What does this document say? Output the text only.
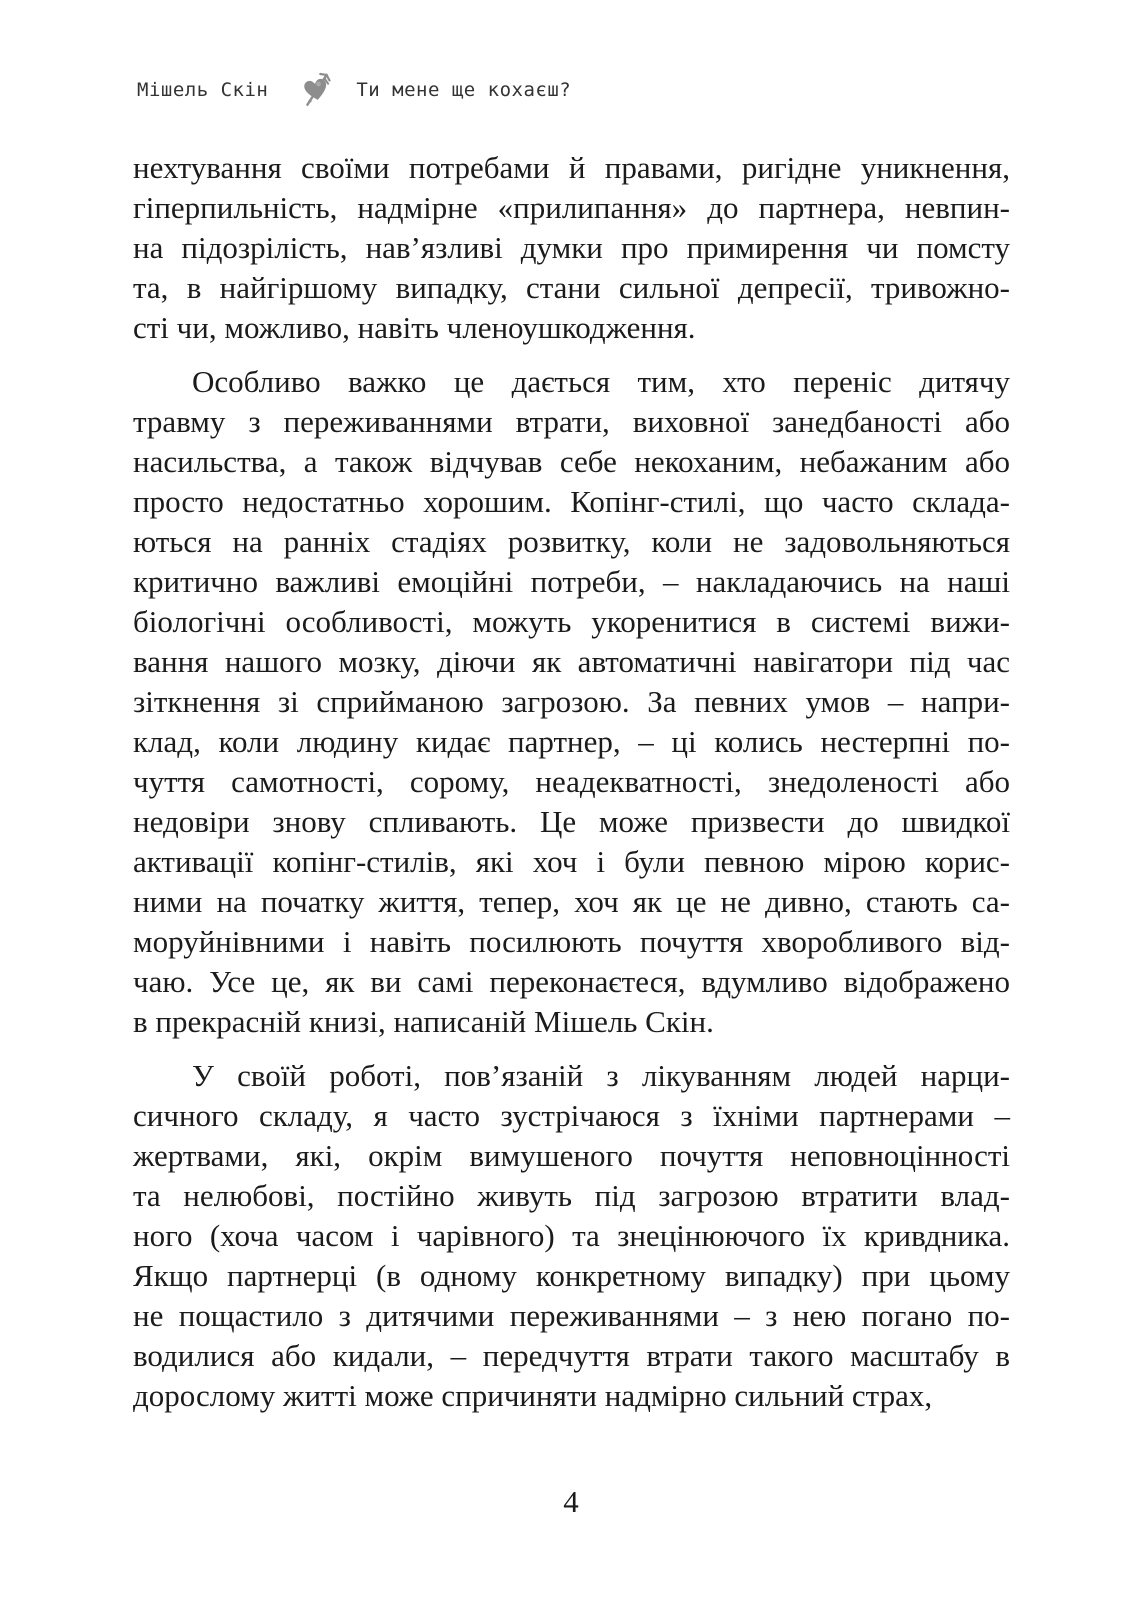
Мішель Скін	Ти мене ще кохаєш?
нехтування своїми потребами й правами, ригідне уникнення,
гіперпильність, надмірне «прилипання» до партнера, невпин-
на підозрілість, нав’язливі думки про примирення чи помсту
та, в найгіршому випадку, стани сильної депресії, тривожно-
сті чи, можливо, навіть членоушкодження.
Особливо важко це дається тим, хто переніс дитячу
травму з переживаннями втрати, виховної занедбаності або
насильства, а також відчував себе некоханим, небажаним або
просто недостатньо хорошим. Копінг-стилі, що часто склада-
ються на ранніх стадіях розвитку, коли не задовольняються
критично важливі емоційні потреби, – накладаючись на наші
біологічні особливості, можуть укоренитися в системі вижи-
вання нашого мозку, діючи як автоматичні навігатори під час
зіткнення зі сприйманою загрозою. За певних умов – напри-
клад, коли людину кидає партнер, – ці колись нестерпні по-
чуття самотності, сорому, неадекватності, знедоленості або
недовіри знову спливають. Це може призвести до швидкої
активації копінг-стилів, які хоч і були певною мірою корис-
ними на початку життя, тепер, хоч як це не дивно, стають са-
моруйнівними і навіть посилюють почуття хворобливого від-
чаю. Усе це, як ви самі переконаєтеся, вдумливо відображено
в прекрасній книзі, написаній Мішель Скін.
У своїй роботі, пов’язаній з лікуванням людей нарци-
сичного складу, я часто зустрічаюся з їхніми партнерами –
жертвами, які, окрім вимушеного почуття неповноцінності
та нелюбові, постійно живуть під загрозою втратити влад-
ного (хоча часом і чарівного) та знецінюючого їх кривдника.
Якщо партнерці (в одному конкретному випадку) при цьому
не пощастило з дитячими переживаннями – з нею погано по-
водилися або кидали, – передчуття втрати такого масштабу в
дорослому житті може спричиняти надмірно сильний страх,
4
